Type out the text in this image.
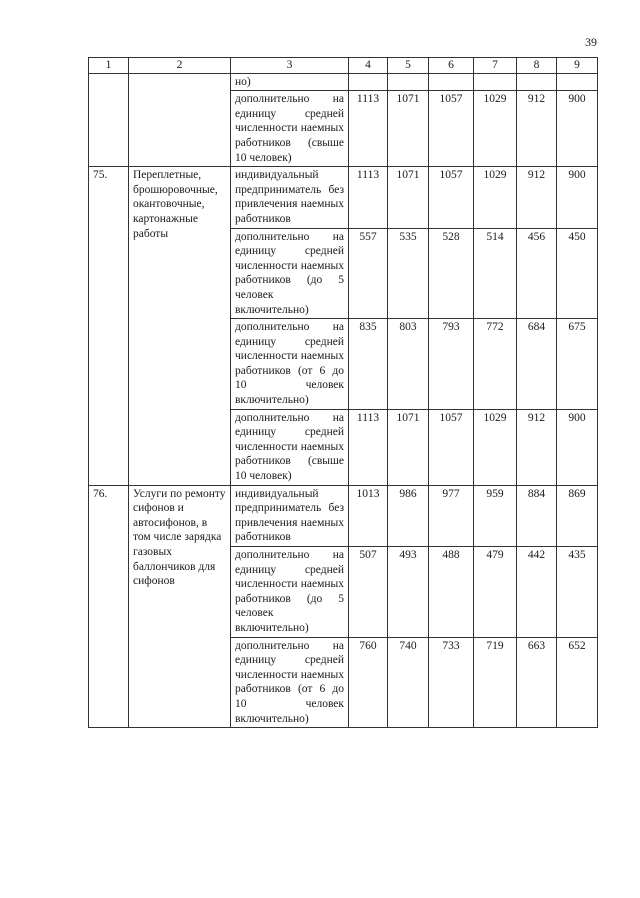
39
1	2	3	4	5	6	7	8	9
		но)						
		дополнительно на единицу средней численности наемных работников (свыше 10 человек)	1113	1071	1057	1029	912	900
75.	Переплетные, брошюровочные, окантовочные, картонажные работы	индивидуальный предприниматель без привлечения наемных работников	1113	1071	1057	1029	912	900
		дополнительно на единицу средней численности наемных работников (до 5 человек включительно)	557	535	528	514	456	450
		дополнительно на единицу средней численности наемных работников (от 6 до 10 человек включительно)	835	803	793	772	684	675
		дополнительно на единицу средней численности наемных работников (свыше 10 человек)	1113	1071	1057	1029	912	900
76.	Услуги по ремонту сифонов и автосифонов, в том числе зарядка газовых баллончиков для сифонов	индивидуальный предприниматель без привлечения наемных работников	1013	986	977	959	884	869
		дополнительно на единицу средней численности наемных работников (до 5 человек включительно)	507	493	488	479	442	435
		дополнительно на единицу средней численности наемных работников (от 6 до 10 человек включительно)	760	740	733	719	663	652
